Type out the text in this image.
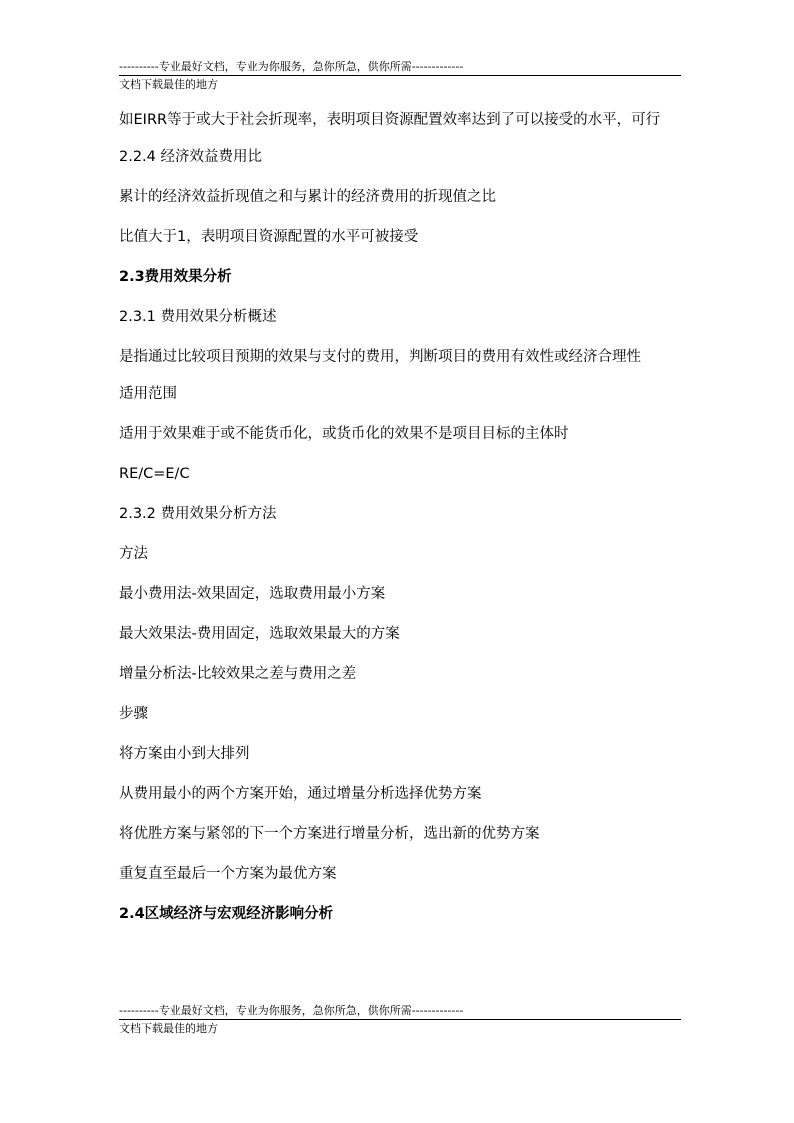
----------专业最好文档，专业为你服务，急你所急，供你所需-------------
文档下载最佳的地方
如EIRR等于或大于社会折现率，表明项目资源配置效率达到了可以接受的水平，可行
2.2.4 经济效益费用比
累计的经济效益折现值之和与累计的经济费用的折现值之比
比值大于1，表明项目资源配置的水平可被接受
2.3费用效果分析
2.3.1 费用效果分析概述
是指通过比较项目预期的效果与支付的费用，判断项目的费用有效性或经济合理性
适用范围
适用于效果难于或不能货币化，或货币化的效果不是项目目标的主体时
RE/C=E/C
2.3.2 费用效果分析方法
方法
最小费用法-效果固定，选取费用最小方案
最大效果法-费用固定，选取效果最大的方案
增量分析法-比较效果之差与费用之差
步骤
将方案由小到大排列
从费用最小的两个方案开始，通过增量分析选择优势方案
将优胜方案与紧邻的下一个方案进行增量分析，选出新的优势方案
重复直至最后一个方案为最优方案
2.4区域经济与宏观经济影响分析
----------专业最好文档，专业为你服务，急你所急，供你所需-------------
文档下载最佳的地方
